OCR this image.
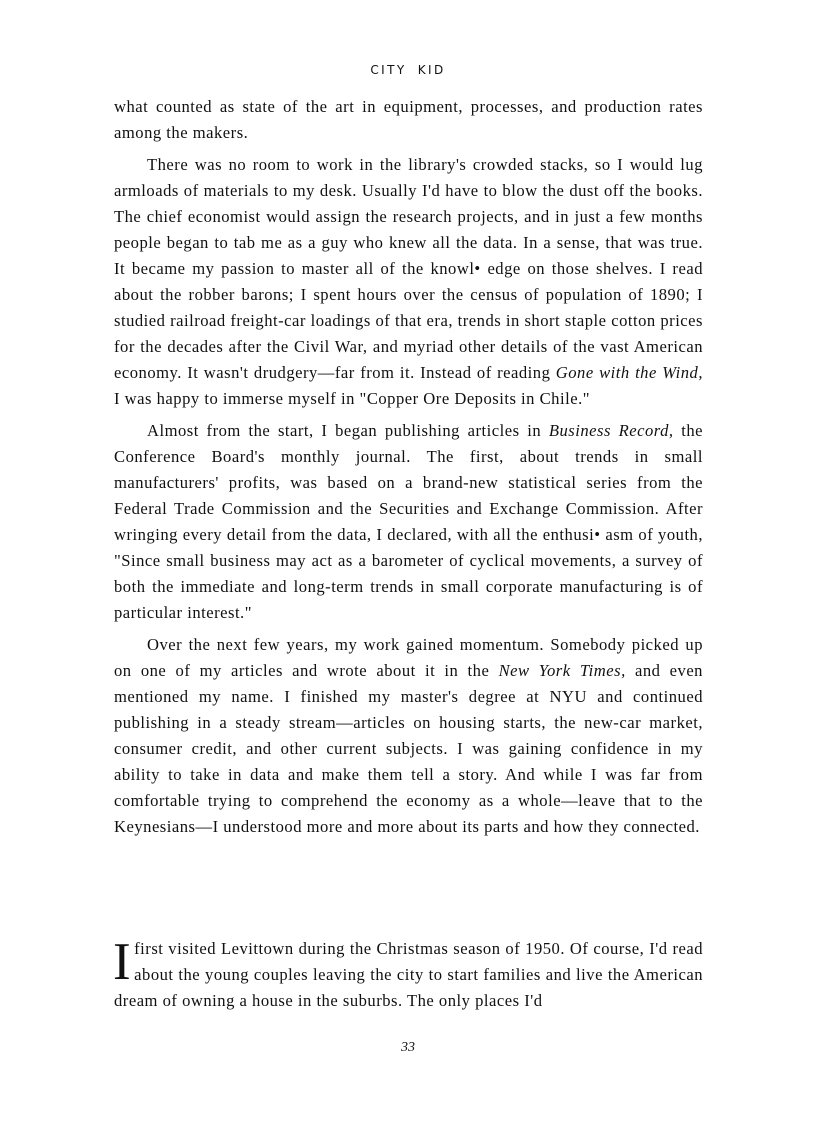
CITY KID

what counted as state of the art in equipment, processes, and production rates among the makers.

There was no room to work in the library's crowded stacks, so I would lug armloads of materials to my desk. Usually I'd have to blow the dust off the books. The chief economist would assign the research projects, and in just a few months people began to tab me as a guy who knew all the data. In a sense, that was true. It became my passion to master all of the knowl• edge on those shelves. I read about the robber barons; I spent hours over the census of population of 1890; I studied railroad freight-car loadings of that era, trends in short staple cotton prices for the decades after the Civil War, and myriad other details of the vast American economy. It wasn't drudgery—far from it. Instead of reading Gone with the Wind, I was happy to immerse myself in "Copper Ore Deposits in Chile."

Almost from the start, I began publishing articles in Business Record, the Conference Board's monthly journal. The first, about trends in small manufacturers' profits, was based on a brand-new statistical series from the Federal Trade Commission and the Securities and Exchange Commission. After wringing every detail from the data, I declared, with all the enthusi• asm of youth, "Since small business may act as a barometer of cyclical movements, a survey of both the immediate and long-term trends in small corporate manufacturing is of particular interest."

Over the next few years, my work gained momentum. Somebody picked up on one of my articles and wrote about it in the New York Times, and even mentioned my name. I finished my master's degree at NYU and continued publishing in a steady stream—articles on housing starts, the new-car market, consumer credit, and other current subjects. I was gaining confidence in my ability to take in data and make them tell a story. And while I was far from comfortable trying to comprehend the economy as a whole—leave that to the Keynesians—I understood more and more about its parts and how they connected.

Ifirst visited Levittown during the Christmas season of 1950. Of course, I'd read about the young couples leaving the city to start families and live the American dream of owning a house in the suburbs. The only places I'd

33
